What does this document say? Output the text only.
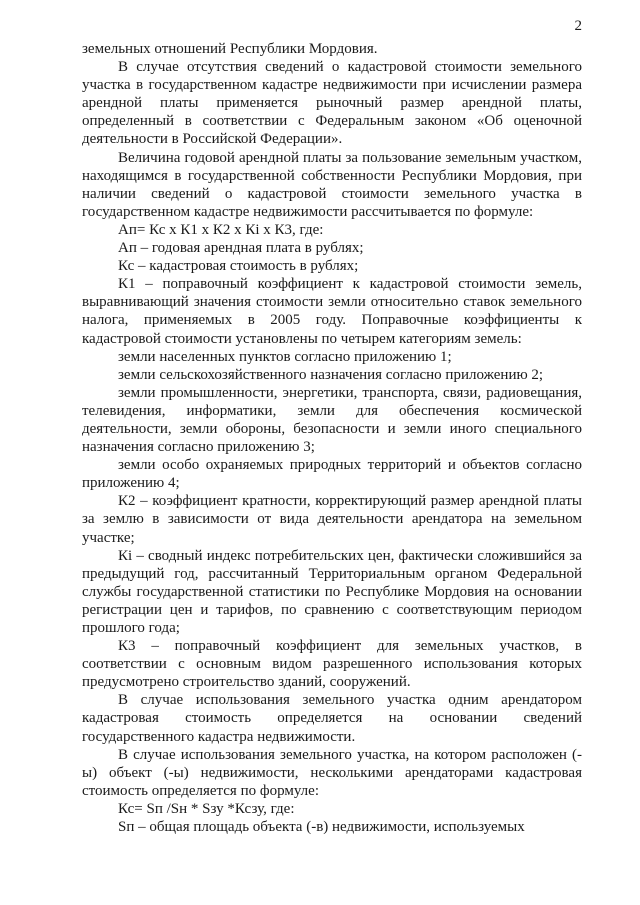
2

земельных отношений Республики Мордовия.

В случае отсутствия сведений о кадастровой стоимости земельного участка в государственном кадастре недвижимости при исчислении размера арендной платы применяется рыночный размер арендной платы, определенный в соответствии с Федеральным законом «Об оценочной деятельности в Российской Федерации».

Величина годовой арендной платы за пользование земельным участком, находящимся в государственной собственности Республики Мордовия, при наличии сведений о кадастровой стоимости земельного участка в государственном кадастре недвижимости рассчитывается по формуле:

Ап= Кс х К1 х К2 х Кi х К3, где:

Ап – годовая арендная плата в рублях;

Кс – кадастровая стоимость в рублях;

К1 – поправочный коэффициент к кадастровой стоимости земель, выравнивающий значения стоимости земли относительно ставок земельного налога, применяемых в 2005 году. Поправочные коэффициенты к кадастровой стоимости установлены по четырем категориям земель:

земли населенных пунктов согласно приложению 1;

земли сельскохозяйственного назначения согласно приложению 2;

земли промышленности, энергетики, транспорта, связи, радиовещания, телевидения, информатики, земли для обеспечения космической деятельности, земли обороны, безопасности и земли иного специального назначения согласно приложению 3;

земли особо охраняемых природных территорий и объектов согласно приложению 4;

К2 – коэффициент кратности, корректирующий размер арендной платы за землю в зависимости от вида деятельности арендатора на земельном участке;

Кi – сводный индекс потребительских цен, фактически сложившийся за предыдущий год, рассчитанный Территориальным органом Федеральной службы государственной статистики по Республике Мордовия на основании регистрации цен и тарифов, по сравнению с соответствующим периодом прошлого года;

К3 – поправочный коэффициент для земельных участков, в соответствии с основным видом разрешенного использования которых предусмотрено строительство зданий, сооружений.

В случае использования земельного участка одним арендатором кадастровая стоимость определяется на основании сведений государственного кадастра недвижимости.

В случае использования земельного участка, на котором расположен (-ы) объект (-ы) недвижимости, несколькими арендаторами кадастровая стоимость определяется по формуле:

Кс= Sп /Sн * Sзу *Ксзу, где:

Sп – общая площадь объекта (-в) недвижимости, используемых
